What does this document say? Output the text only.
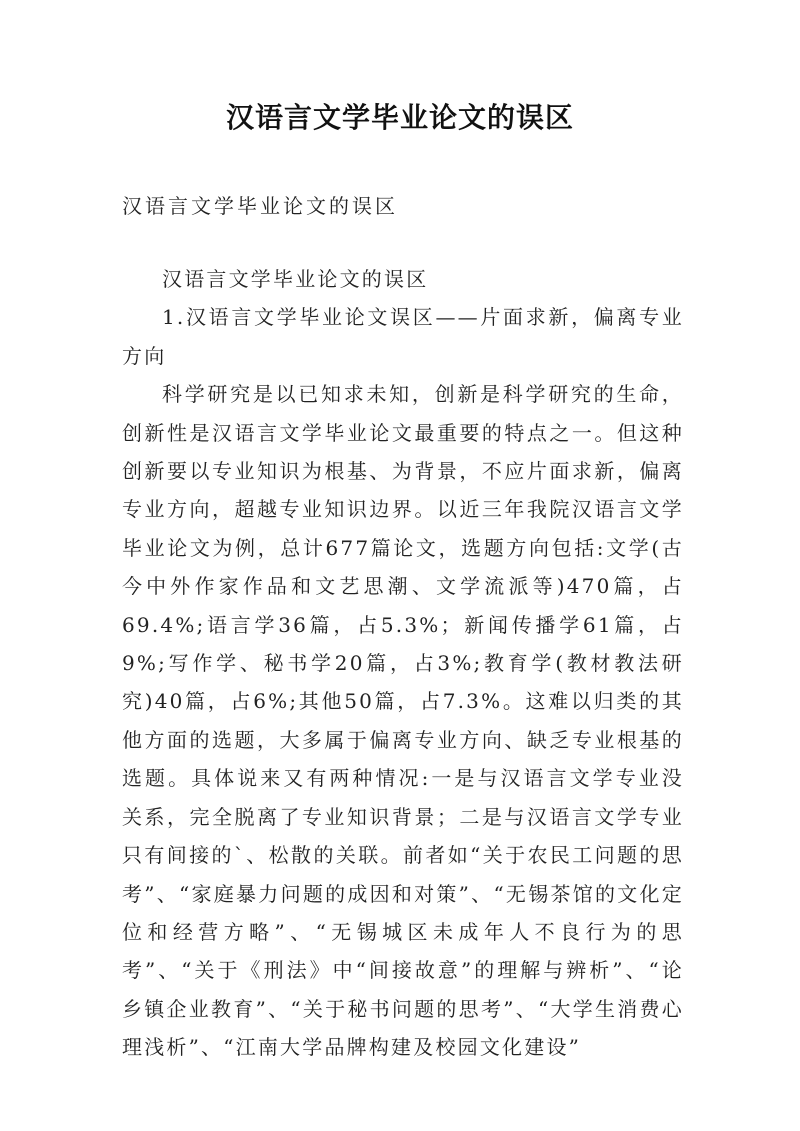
汉语言文学毕业论文的误区
汉语言文学毕业论文的误区

汉语言文学毕业论文的误区

1.汉语言文学毕业论文误区——片面求新，偏离专业方向

科学研究是以已知求未知，创新是科学研究的生命，创新性是汉语言文学毕业论文最重要的特点之一。但这种创新要以专业知识为根基、为背景，不应片面求新，偏离专业方向，超越专业知识边界。以近三年我院汉语言文学毕业论文为例，总计677篇论文，选题方向包括:文学(古今中外作家作品和文艺思潮、文学流派等)470篇，占69.4%;语言学36篇，占5.3%；新闻传播学61篇，占9%;写作学、秘书学20篇，占3%;教育学(教材教法研究)40篇，占6%;其他50篇，占7.3%。这难以归类的其他方面的选题，大多属于偏离专业方向、缺乏专业根基的选题。具体说来又有两种情况:一是与汉语言文学专业没关系，完全脱离了专业知识背景；二是与汉语言文学专业只有间接的`、松散的关联。前者如“关于农民工问题的思考”、“家庭暴力问题的成因和对策”、“无锡茶馆的文化定位和经营方略”、“无锡城区未成年人不良行为的思考”、“关于《刑法》中“间接故意”的理解与辨析”、“论乡镇企业教育”、“关于秘书问题的思考”、“大学生消费心理浅析”、“江南大学品牌构建及校园文化建设”
